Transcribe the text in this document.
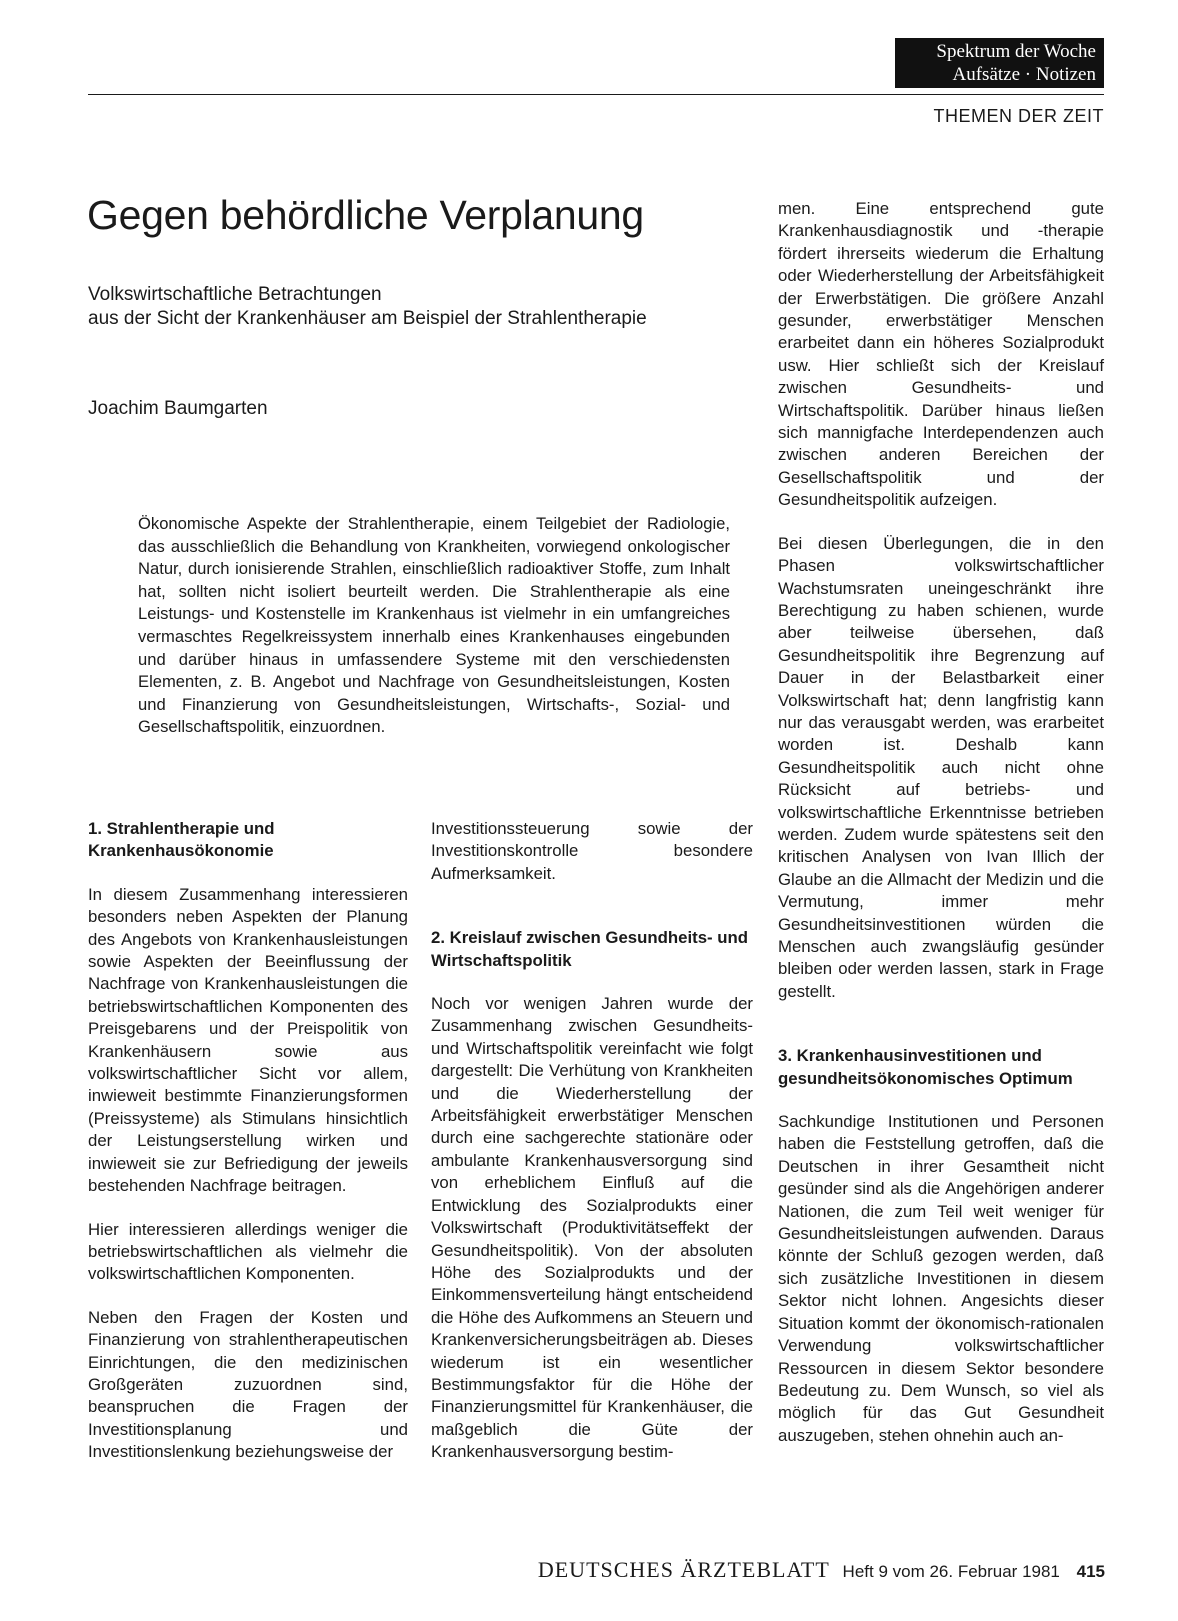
Spektrum der Woche
Aufsätze · Notizen
THEMEN DER ZEIT
Gegen behördliche Verplanung
Volkswirtschaftliche Betrachtungen
aus der Sicht der Krankenhäuser am Beispiel der Strahlentherapie
Joachim Baumgarten
Ökonomische Aspekte der Strahlentherapie, einem Teilgebiet der Radiologie, das ausschließlich die Behandlung von Krankheiten, vorwiegend onkologischer Natur, durch ionisierende Strahlen, einschließlich radioaktiver Stoffe, zum Inhalt hat, sollten nicht isoliert beurteilt werden. Die Strahlentherapie als eine Leistungs- und Kostenstelle im Krankenhaus ist vielmehr in ein umfangreiches vermaschtes Regelkreissystem innerhalb eines Krankenhauses eingebunden und darüber hinaus in umfassendere Systeme mit den verschiedensten Elementen, z. B. Angebot und Nachfrage von Gesundheitsleistungen, Kosten und Finanzierung von Gesundheitsleistungen, Wirtschafts-, Sozial- und Gesellschaftspolitik, einzuordnen.
1. Strahlentherapie und Krankenhausökonomie

In diesem Zusammenhang interessieren besonders neben Aspekten der Planung des Angebots von Krankenhausleistungen sowie Aspekten der Beeinflussung der Nachfrage von Krankenhausleistungen die betriebswirtschaftlichen Komponenten des Preisgebarens und der Preispolitik von Krankenhäusern sowie aus volkswirtschaftlicher Sicht vor allem, inwieweit bestimmte Finanzierungsformen (Preissysteme) als Stimulans hinsichtlich der Leistungserstellung wirken und inwieweit sie zur Befriedigung der jeweils bestehenden Nachfrage beitragen.

Hier interessieren allerdings weniger die betriebswirtschaftlichen als vielmehr die volkswirtschaftlichen Komponenten.

Neben den Fragen der Kosten und Finanzierung von strahlentherapeutischen Einrichtungen, die den medizinischen Großgeräten zuzuordnen sind, beanspruchen die Fragen der Investitionsplanung und Investitionslenkung beziehungsweise der

Investitionssteuerung sowie der Investitionskontrolle besondere Aufmerksamkeit.

2. Kreislauf zwischen Gesundheits- und Wirtschaftspolitik

Noch vor wenigen Jahren wurde der Zusammenhang zwischen Gesundheits- und Wirtschaftspolitik vereinfacht wie folgt dargestellt: Die Verhütung von Krankheiten und die Wiederherstellung der Arbeitsfähigkeit erwerbstätiger Menschen durch eine sachgerechte stationäre oder ambulante Krankenhausversorgung sind von erheblichem Einfluß auf die Entwicklung des Sozialprodukts einer Volkswirtschaft (Produktivitätseffekt der Gesundheitspolitik). Von der absoluten Höhe des Sozialprodukts und der Einkommensverteilung hängt entscheidend die Höhe des Aufkommens an Steuern und Krankenversicherungsbeiträgen ab. Dieses wiederum ist ein wesentlicher Bestimmungsfaktor für die Höhe der Finanzierungsmittel für Krankenhäuser, die maßgeblich die Güte der Krankenhausversorgung bestim-

men. Eine entsprechend gute Krankenhausdiagnostik und -therapie fördert ihrerseits wiederum die Erhaltung oder Wiederherstellung der Arbeitsfähigkeit der Erwerbstätigen. Die größere Anzahl gesunder, erwerbstätiger Menschen erarbeitet dann ein höheres Sozialprodukt usw. Hier schließt sich der Kreislauf zwischen Gesundheits- und Wirtschaftspolitik. Darüber hinaus ließen sich mannigfache Interdependenzen auch zwischen anderen Bereichen der Gesellschaftspolitik und der Gesundheitspolitik aufzeigen.

Bei diesen Überlegungen, die in den Phasen volkswirtschaftlicher Wachstumsraten uneingeschränkt ihre Berechtigung zu haben schienen, wurde aber teilweise übersehen, daß Gesundheitspolitik ihre Begrenzung auf Dauer in der Belastbarkeit einer Volkswirtschaft hat; denn langfristig kann nur das verausgabt werden, was erarbeitet worden ist. Deshalb kann Gesundheitspolitik auch nicht ohne Rücksicht auf betriebs- und volkswirtschaftliche Erkenntnisse betrieben werden. Zudem wurde spätestens seit den kritischen Analysen von Ivan Illich der Glaube an die Allmacht der Medizin und die Vermutung, immer mehr Gesundheitsinvestitionen würden die Menschen auch zwangsläufig gesünder bleiben oder werden lassen, stark in Frage gestellt.

3. Krankenhausinvestitionen und gesundheitsökonomisches Optimum

Sachkundige Institutionen und Personen haben die Feststellung getroffen, daß die Deutschen in ihrer Gesamtheit nicht gesünder sind als die Angehörigen anderer Nationen, die zum Teil weit weniger für Gesundheitsleistungen aufwenden. Daraus könnte der Schluß gezogen werden, daß sich zusätzliche Investitionen in diesem Sektor nicht lohnen. Angesichts dieser Situation kommt der ökonomisch-rationalen Verwendung volkswirtschaftlicher Ressourcen in diesem Sektor besondere Bedeutung zu. Dem Wunsch, so viel als möglich für das Gut Gesundheit auszugeben, stehen ohnehin auch an-

DEUTSCHES ÄRZTEBLATT Heft 9 vom 26. Februar 1981 415
